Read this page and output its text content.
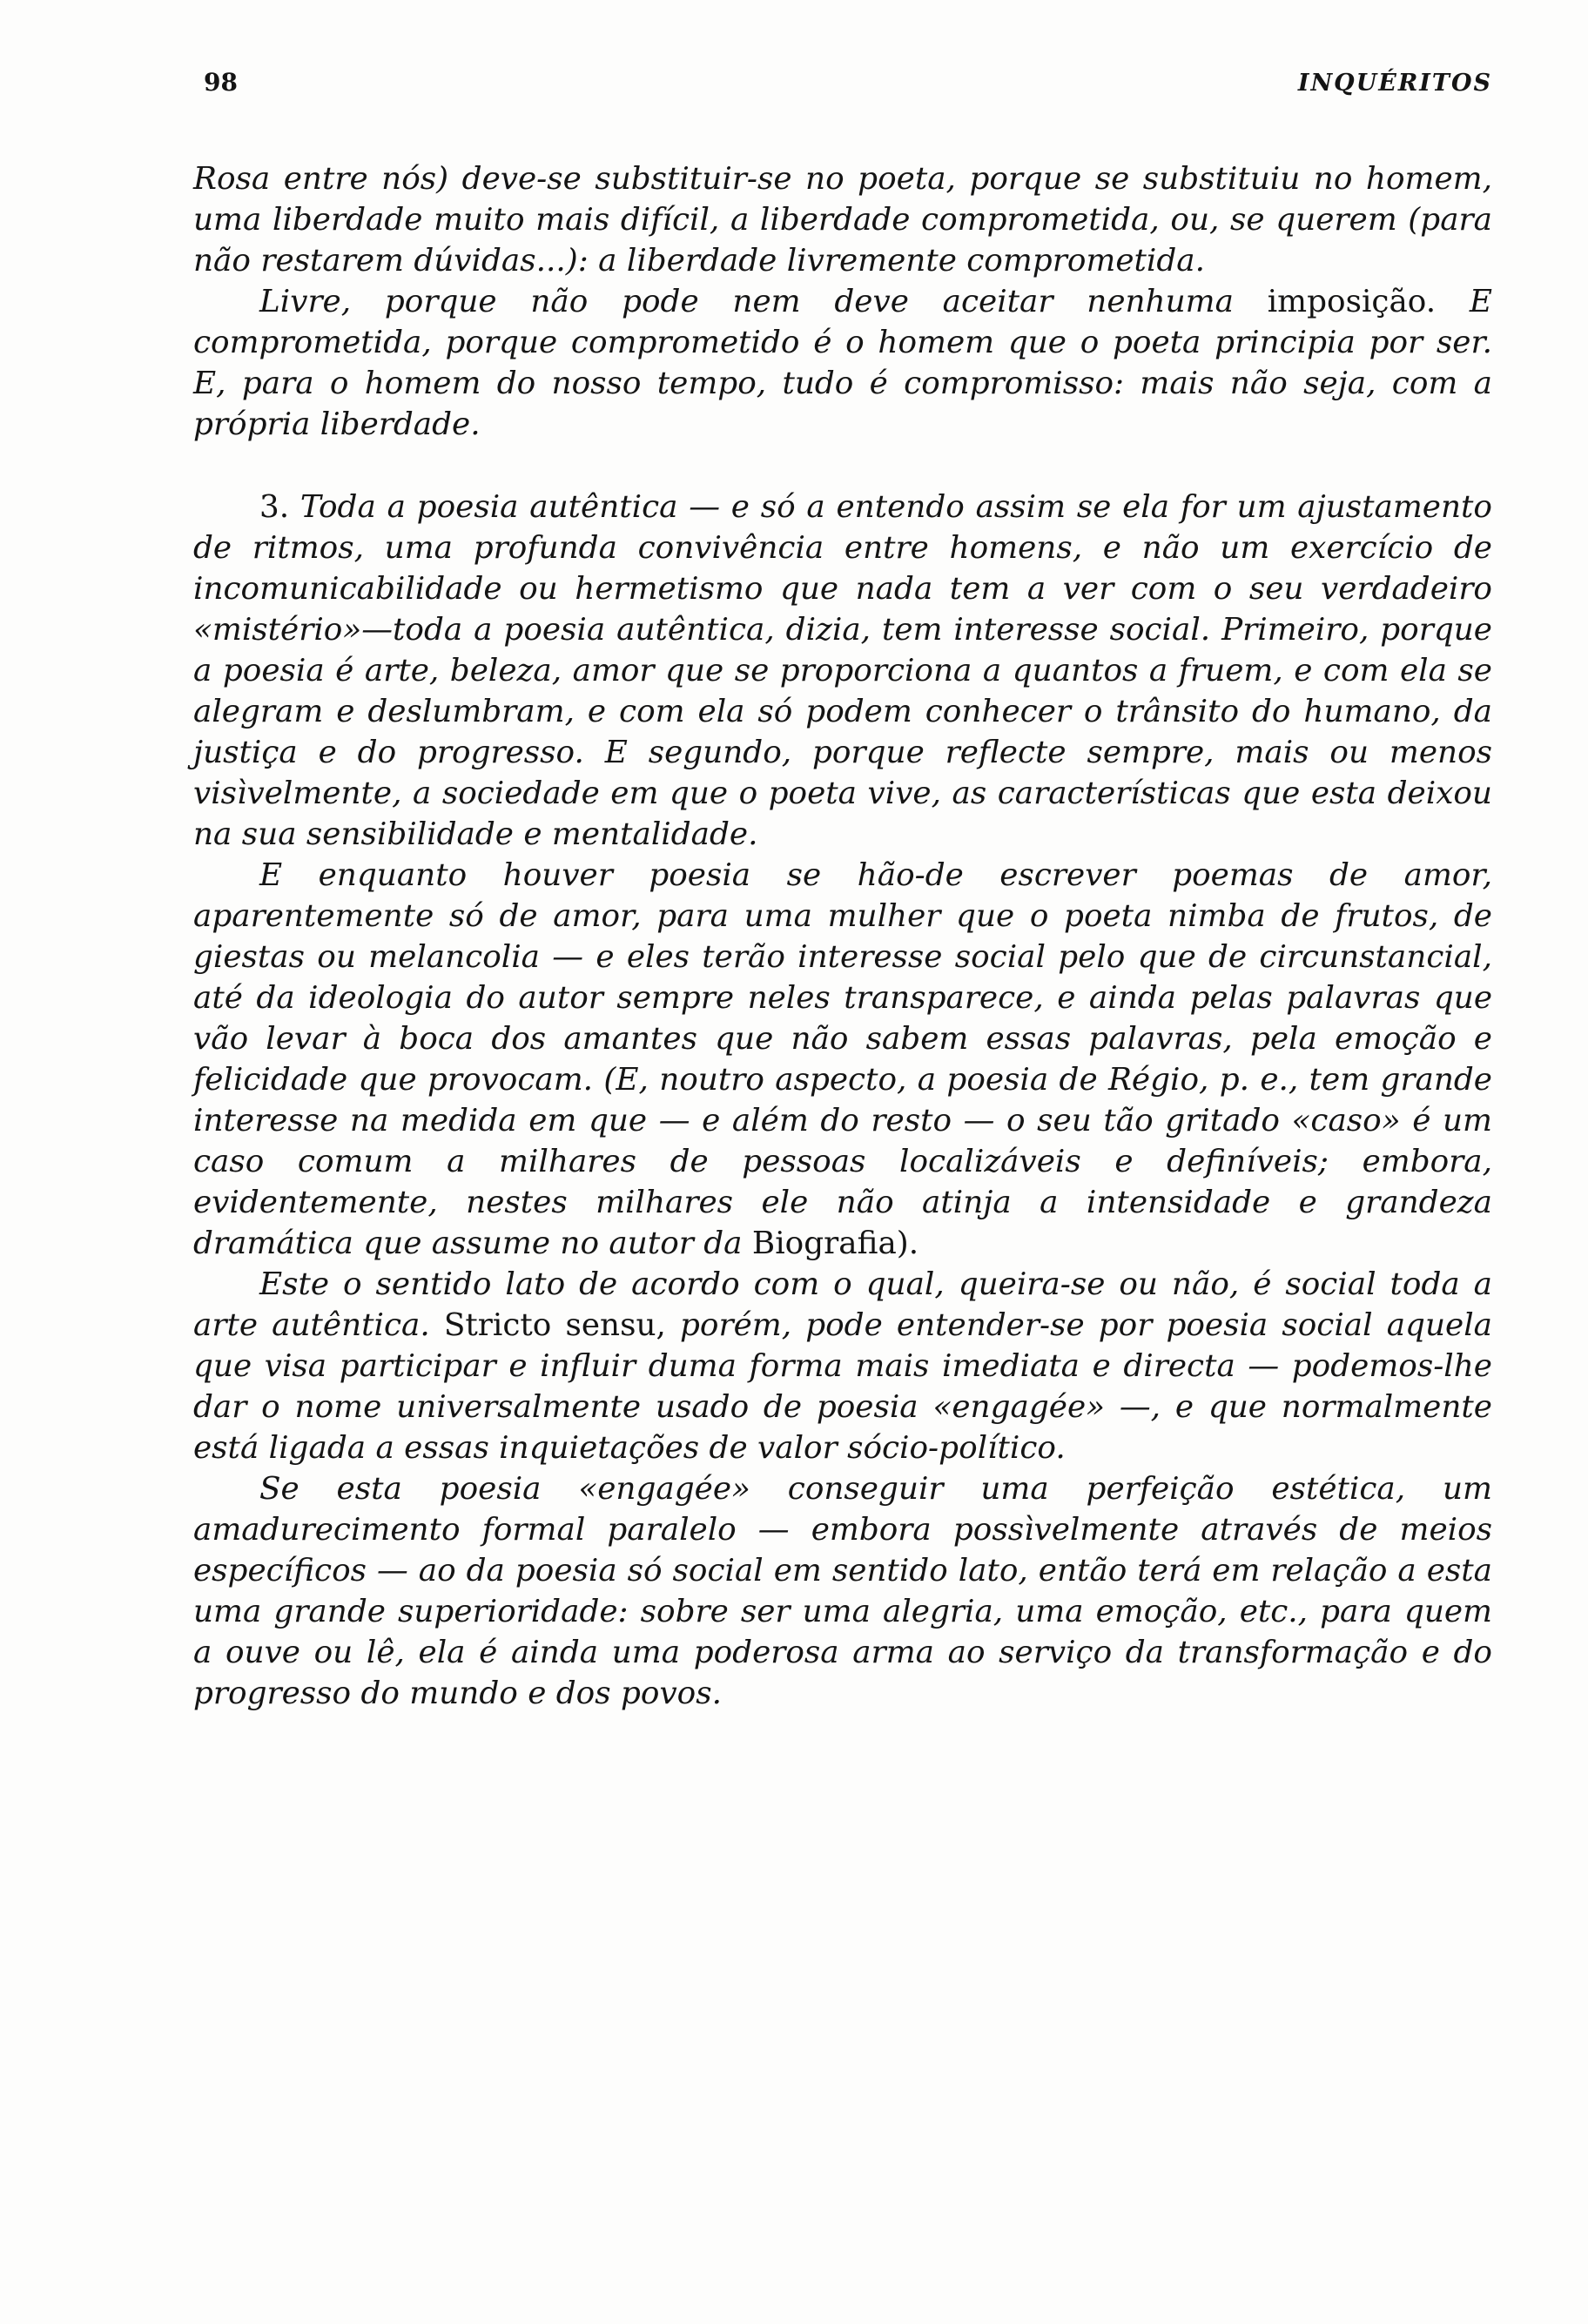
98	INQUÉRITOS

Rosa entre nós) deve-se substituir-se no poeta, porque se substituiu no homem, uma liberdade muito mais difícil, a liberdade comprometida, ou, se querem (para não restarem dúvidas...): a liberdade livremente comprometida.

Livre, porque não pode nem deve aceitar nenhuma imposição. E comprometida, porque comprometido é o homem que o poeta principia por ser. E, para o homem do nosso tempo, tudo é compromisso: mais não seja, com a própria liberdade.

3. Toda a poesia autêntica — e só a entendo assim se ela for um ajustamento de ritmos, uma profunda convivência entre homens, e não um exercício de incomunicabilidade ou hermetismo que nada tem a ver com o seu verdadeiro «mistério»—toda a poesia autêntica, dizia, tem interesse social. Primeiro, porque a poesia é arte, beleza, amor que se proporciona a quantos a fruem, e com ela se alegram e deslumbram, e com ela só podem conhecer o trânsito do humano, da justiça e do progresso. E segundo, porque reflecte sempre, mais ou menos visìvelmente, a sociedade em que o poeta vive, as características que esta deixou na sua sensibilidade e mentalidade.

E enquanto houver poesia se hão-de escrever poemas de amor, aparentemente só de amor, para uma mulher que o poeta nimba de frutos, de giestas ou melancolia — e eles terão interesse social pelo que de circunstancial, até da ideologia do autor sempre neles transparece, e ainda pelas palavras que vão levar à boca dos amantes que não sabem essas palavras, pela emoção e felicidade que provocam. (E, noutro aspecto, a poesia de Régio, p. e., tem grande interesse na medida em que — e além do resto — o seu tão gritado «caso» é um caso comum a milhares de pessoas localizáveis e definíveis; embora, evidentemente, nestes milhares ele não atinja a intensidade e grandeza dramática que assume no autor da Biografia).

Este o sentido lato de acordo com o qual, queira-se ou não, é social toda a arte autêntica. Stricto sensu, porém, pode entender-se por poesia social aquela que visa participar e influir duma forma mais imediata e directa — podemos-lhe dar o nome universalmente usado de poesia «engagée» —, e que normalmente está ligada a essas inquietações de valor sócio-político.

Se esta poesia «engagée» conseguir uma perfeição estética, um amadurecimento formal paralelo — embora possìvelmente através de meios específicos — ao da poesia só social em sentido lato, então terá em relação a esta uma grande superioridade: sobre ser uma alegria, uma emoção, etc., para quem a ouve ou lê, ela é ainda uma poderosa arma ao serviço da transformação e do progresso do mundo e dos povos.
